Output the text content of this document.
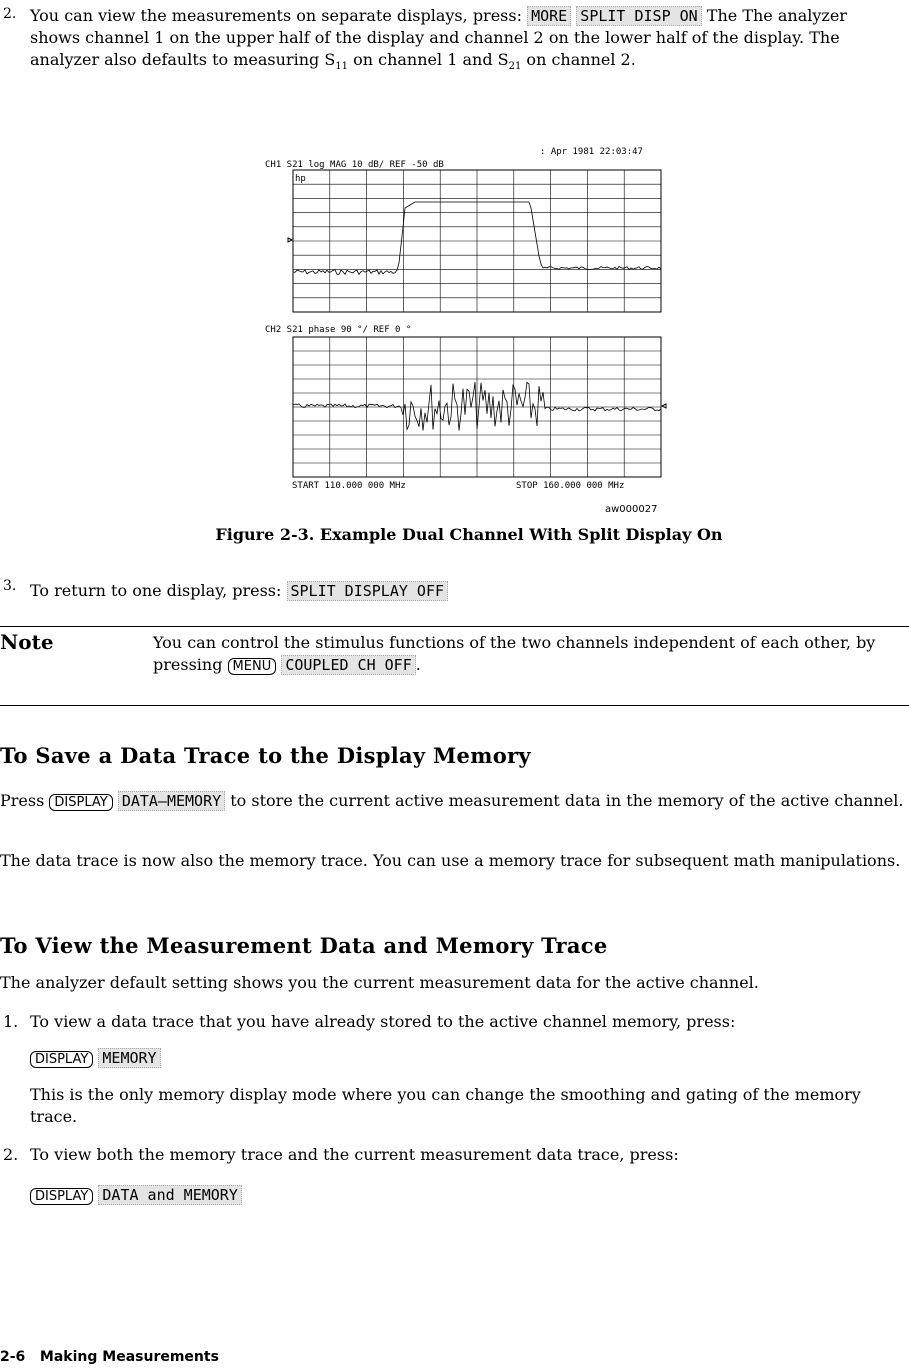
2. You can view the measurements on separate displays, press: MORE SPLIT DISP ON The The analyzer shows channel 1 on the upper half of the display and channel 2 on the lower half of the display. The analyzer also defaults to measuring $S_{11}$ on channel 1 and $S_{21}$ on channel 2.

: Apr 1981 22:03:47
CH1 S21 log MAG 10 dB/ REF -50 dB
hp
CH2 S21 phase 90 °/ REF 0 °
START 110.000 000 MHz	STOP 160.000 000 MHz
aw000027

Figure 2-3. Example Dual Channel With Split Display On

3. To return to one display, press: SPLIT DISPLAY OFF

Note	You can control the stimulus functions of the two channels independent of each other, by pressing MENU COUPLED CH OFF .

To Save a Data Trace to the Display Memory

Press DISPLAY DATA—MEMORY to store the current active measurement data in the memory of the active channel.

The data trace is now also the memory trace. You can use a memory trace for subsequent math manipulations.

To View the Measurement Data and Memory Trace

The analyzer default setting shows you the current measurement data for the active channel.

1. To view a data trace that you have already stored to the active channel memory, press:

DISPLAY MEMORY

This is the only memory display mode where you can change the smoothing and gating of the memory trace.

2. To view both the memory trace and the current measurement data trace, press:

DISPLAY DATA and MEMORY

2-6 Making Measurements
